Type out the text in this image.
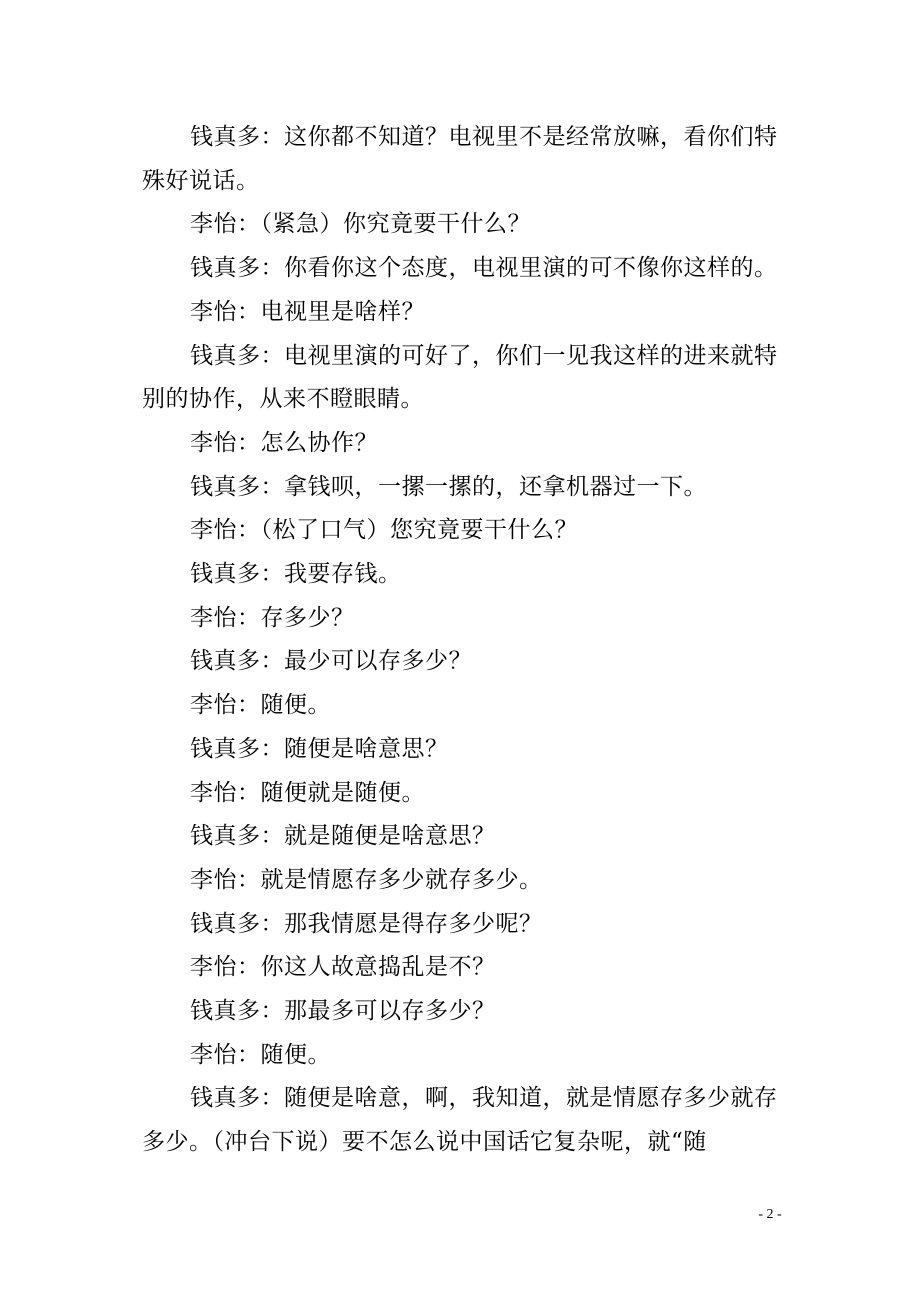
钱真多：这你都不知道？电视里不是经常放嘛，看你们特殊好说话。

李怡：（紧急）你究竟要干什么？

钱真多：你看你这个态度，电视里演的可不像你这样的。

李怡：电视里是啥样？

钱真多：电视里演的可好了，你们一见我这样的进来就特别的协作，从来不瞪眼睛。

李怡：怎么协作？

钱真多：拿钱呗，一摞一摞的，还拿机器过一下。

李怡：（松了口气）您究竟要干什么？

钱真多：我要存钱。

李怡：存多少？

钱真多：最少可以存多少？

李怡：随便。

钱真多：随便是啥意思？

李怡：随便就是随便。

钱真多：就是随便是啥意思？

李怡：就是情愿存多少就存多少。

钱真多：那我情愿是得存多少呢？

李怡：你这人故意捣乱是不？

钱真多：那最多可以存多少？

李怡：随便。

钱真多：随便是啥意，啊，我知道，就是情愿存多少就存多少。（冲台下说）要不怎么说中国话它复杂呢，就“随

- 2 -
